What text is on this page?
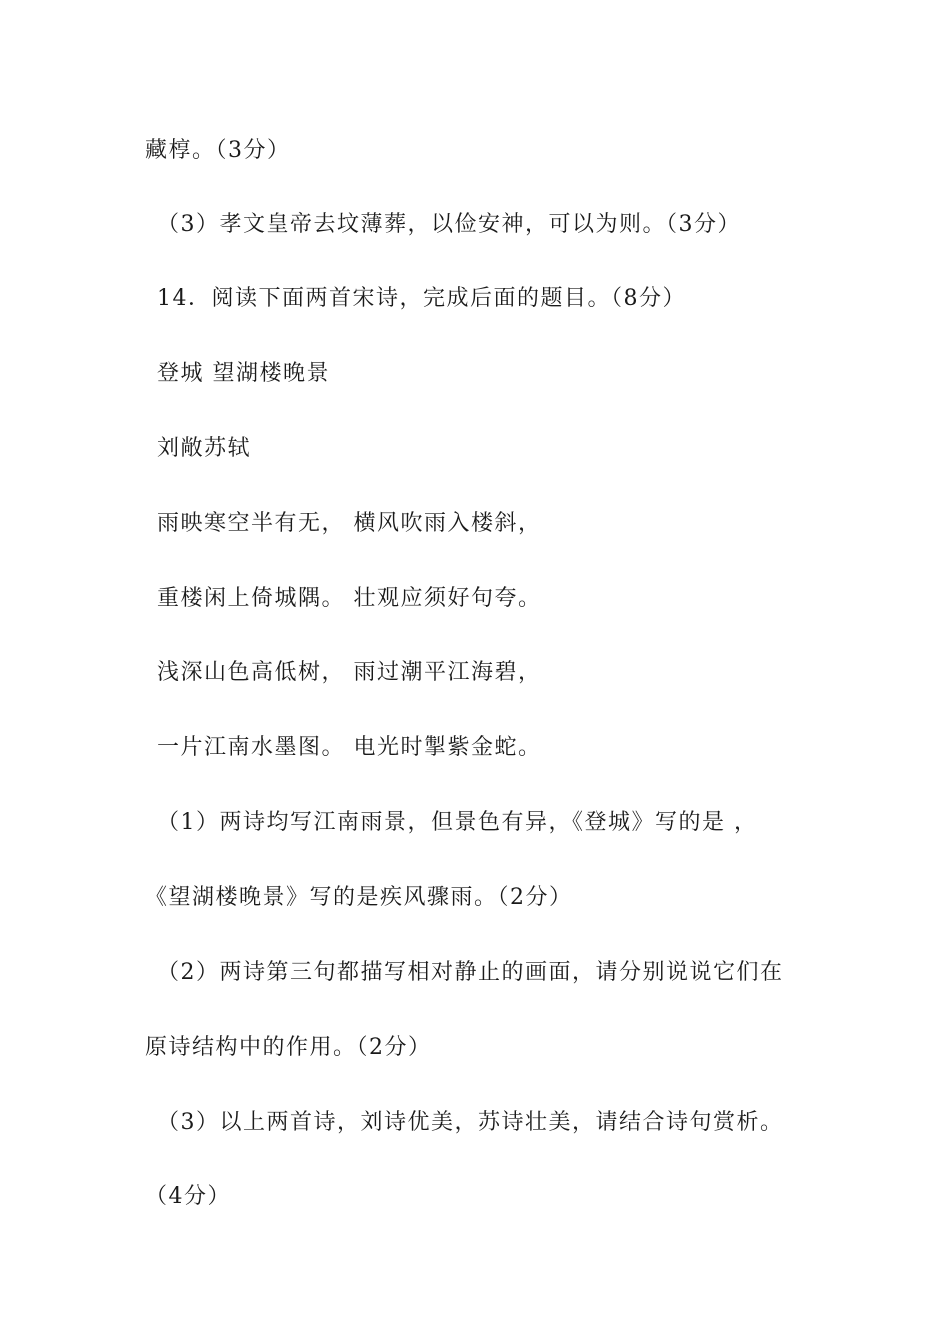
藏椁。（3分）
（3）孝文皇帝去坟薄葬，以俭安神，可以为则。（3分）
14．阅读下面两首宋诗，完成后面的题目。（8分）
登城 望湖楼晚景
刘敞苏轼
雨映寒空半有无， 横风吹雨入楼斜，
重楼闲上倚城隅。 壮观应须好句夸。
浅深山色高低树， 雨过潮平江海碧，
一片江南水墨图。 电光时掣紫金蛇。
（1）两诗均写江南雨景，但景色有异，《登城》写的是 ，
《望湖楼晚景》写的是疾风骤雨。（2分）
（2）两诗第三句都描写相对静止的画面，请分别说说它们在
原诗结构中的作用。（2分）
（3）以上两首诗，刘诗优美，苏诗壮美，请结合诗句赏析。
（4分）
